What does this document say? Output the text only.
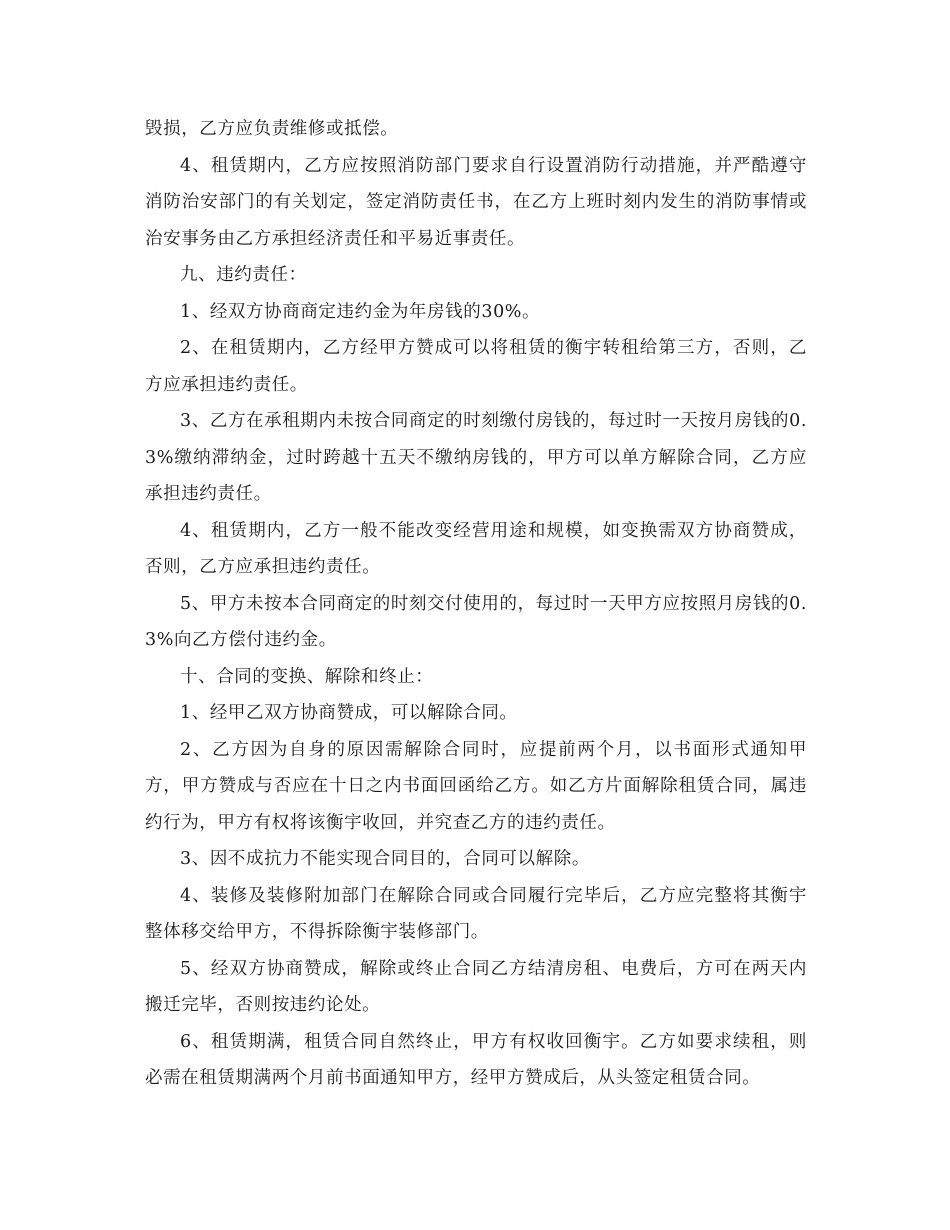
毁损，乙方应负责维修或抵偿。

4、租赁期内，乙方应按照消防部门要求自行设置消防行动措施，并严酷遵守消防治安部门的有关划定，签定消防责任书，在乙方上班时刻内发生的消防事情或治安事务由乙方承担经济责任和平易近事责任。

九、违约责任：

1、经双方协商商定违约金为年房钱的30%。

2、在租赁期内，乙方经甲方赞成可以将租赁的衡宇转租给第三方，否则，乙方应承担违约责任。

3、乙方在承租期内未按合同商定的时刻缴付房钱的，每过时一天按月房钱的0.3%缴纳滞纳金，过时跨越十五天不缴纳房钱的，甲方可以单方解除合同，乙方应承担违约责任。

4、租赁期内，乙方一般不能改变经营用途和规模，如变换需双方协商赞成，否则，乙方应承担违约责任。

5、甲方未按本合同商定的时刻交付使用的，每过时一天甲方应按照月房钱的0.3%向乙方偿付违约金。

十、合同的变换、解除和终止：

1、经甲乙双方协商赞成，可以解除合同。

2、乙方因为自身的原因需解除合同时，应提前两个月，以书面形式通知甲方，甲方赞成与否应在十日之内书面回函给乙方。如乙方片面解除租赁合同，属违约行为，甲方有权将该衡宇收回，并究查乙方的违约责任。

3、因不成抗力不能实现合同目的，合同可以解除。

4、装修及装修附加部门在解除合同或合同履行完毕后，乙方应完整将其衡宇整体移交给甲方，不得拆除衡宇装修部门。

5、经双方协商赞成，解除或终止合同乙方结清房租、电费后，方可在两天内搬迁完毕，否则按违约论处。

6、租赁期满，租赁合同自然终止，甲方有权收回衡宇。乙方如要求续租，则必需在租赁期满两个月前书面通知甲方，经甲方赞成后，从头签定租赁合同。
